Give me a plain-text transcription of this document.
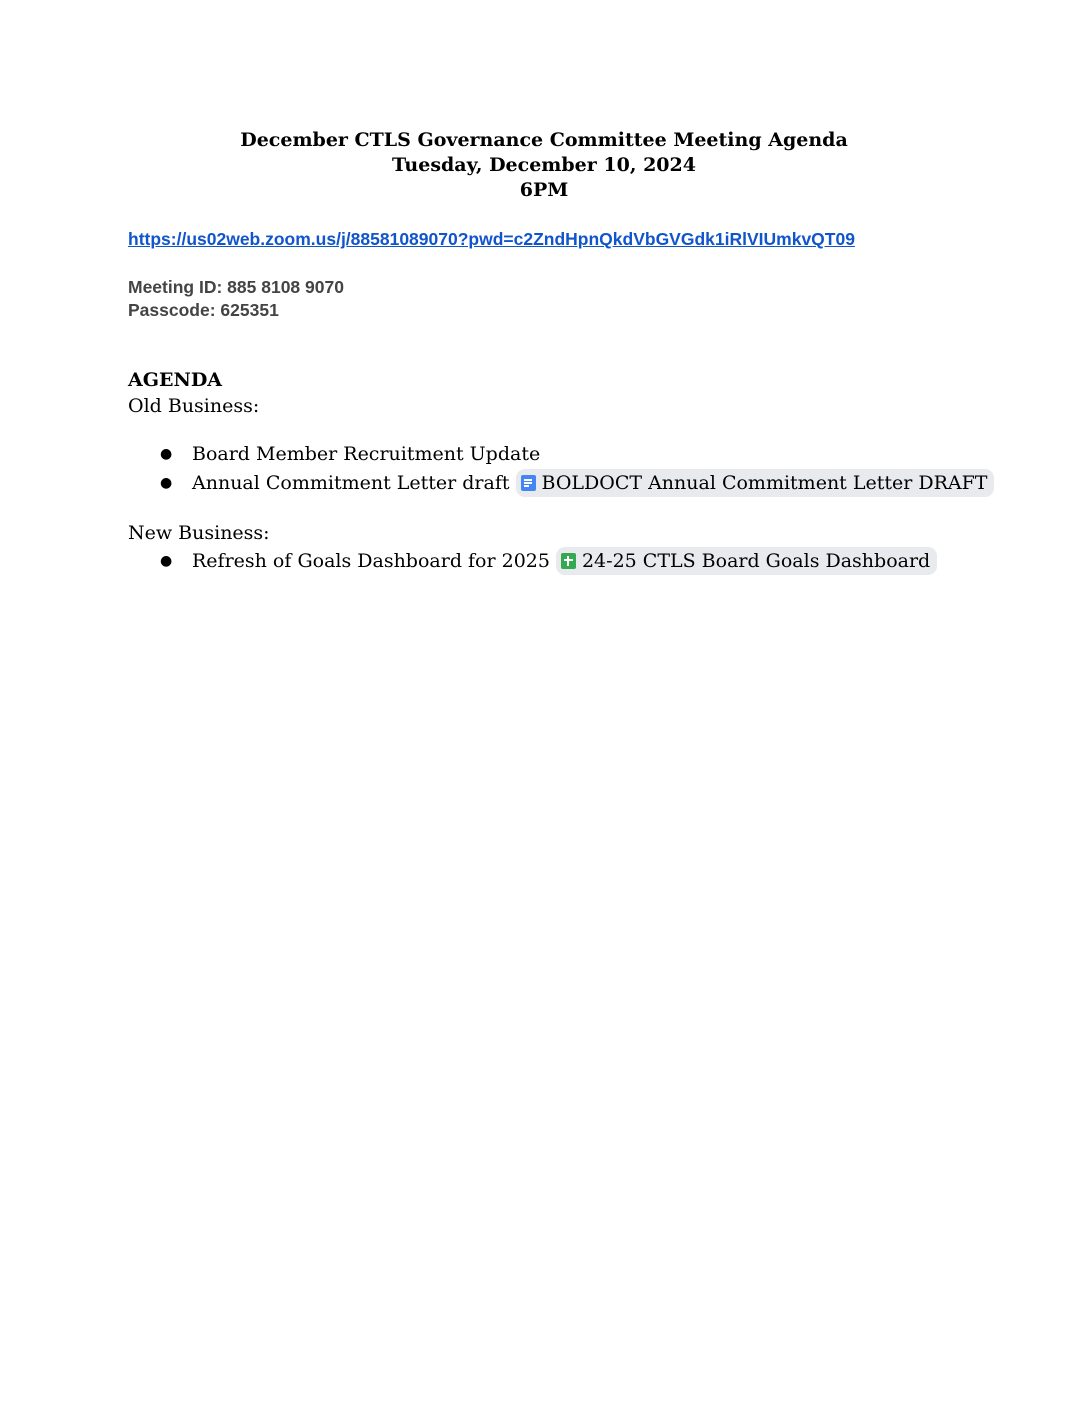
December CTLS Governance Committee Meeting Agenda
Tuesday, December 10, 2024
6PM
https://us02web.zoom.us/j/88581089070?pwd=c2ZndHpnQkdVbGVGdk1iRlVIUmkvQT09
Meeting ID: 885 8108 9070
Passcode: 625351
AGENDA
Old Business:
●	Board Member Recruitment Update
●	Annual Commitment Letter draft BOLDOCT Annual Commitment Letter DRAFT
New Business:
●	Refresh of Goals Dashboard for 2025 24-25 CTLS Board Goals Dashboard
